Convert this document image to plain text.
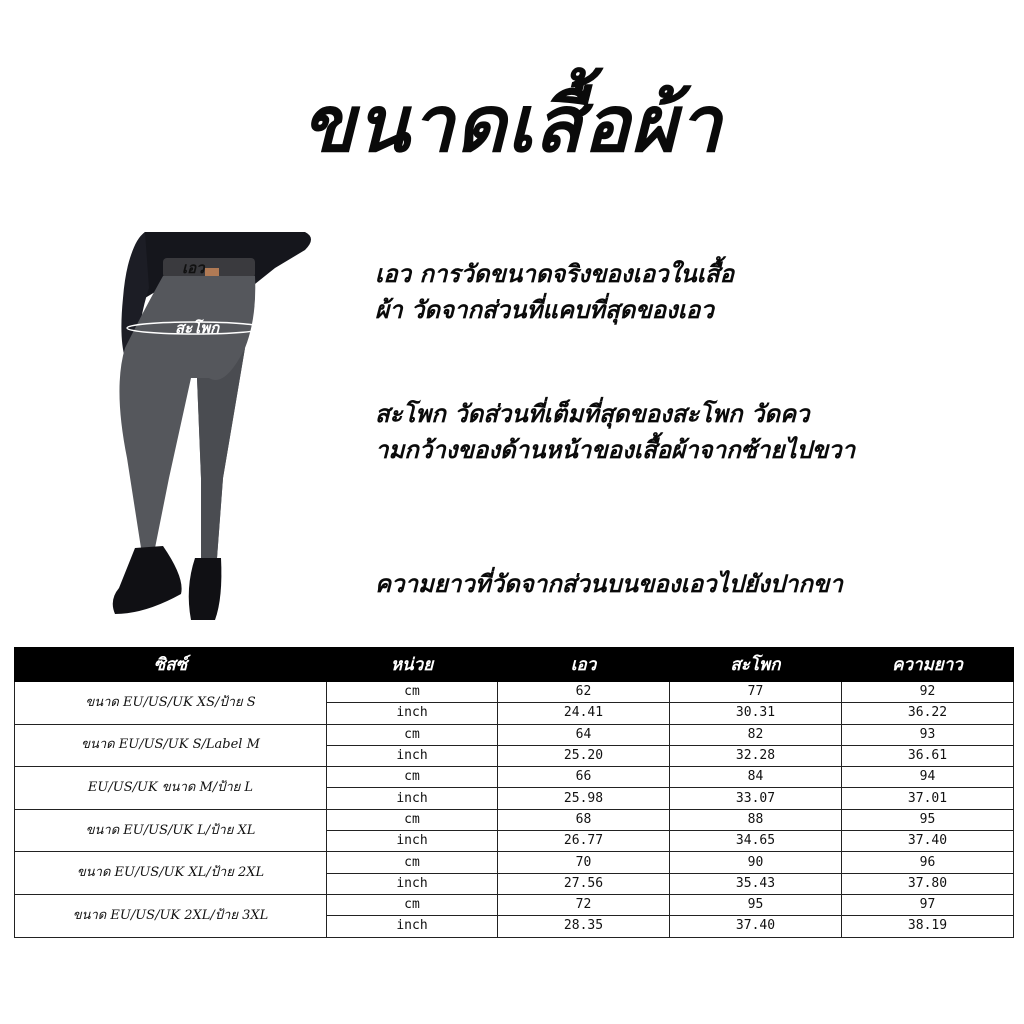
ขนาดเสื้อผ้า
เอว
สะโพก
เอว การวัดขนาดจริงของเอวในเสื้อ
ผ้า วัดจากส่วนที่แคบที่สุดของเอว
สะโพก วัดส่วนที่เต็มที่สุดของสะโพก วัดคว
ามกว้างของด้านหน้าของเสื้อผ้าจากซ้ายไปขวา
ความยาวที่วัดจากส่วนบนของเอวไปยังปากขา
ซิสซ์	หน่วย	เอว	สะโพก	ความยาว
ขนาด EU/US/UK XS/ป้าย S	cm	62	77	92
	inch	24.41	30.31	36.22
ขนาด EU/US/UK S/Label M	cm	64	82	93
	inch	25.20	32.28	36.61
EU/US/UK ขนาด M/ป้าย L	cm	66	84	94
	inch	25.98	33.07	37.01
ขนาด EU/US/UK L/ป้าย XL	cm	68	88	95
	inch	26.77	34.65	37.40
ขนาด EU/US/UK XL/ป้าย 2XL	cm	70	90	96
	inch	27.56	35.43	37.80
ขนาด EU/US/UK 2XL/ป้าย 3XL	cm	72	95	97
	inch	28.35	37.40	38.19
